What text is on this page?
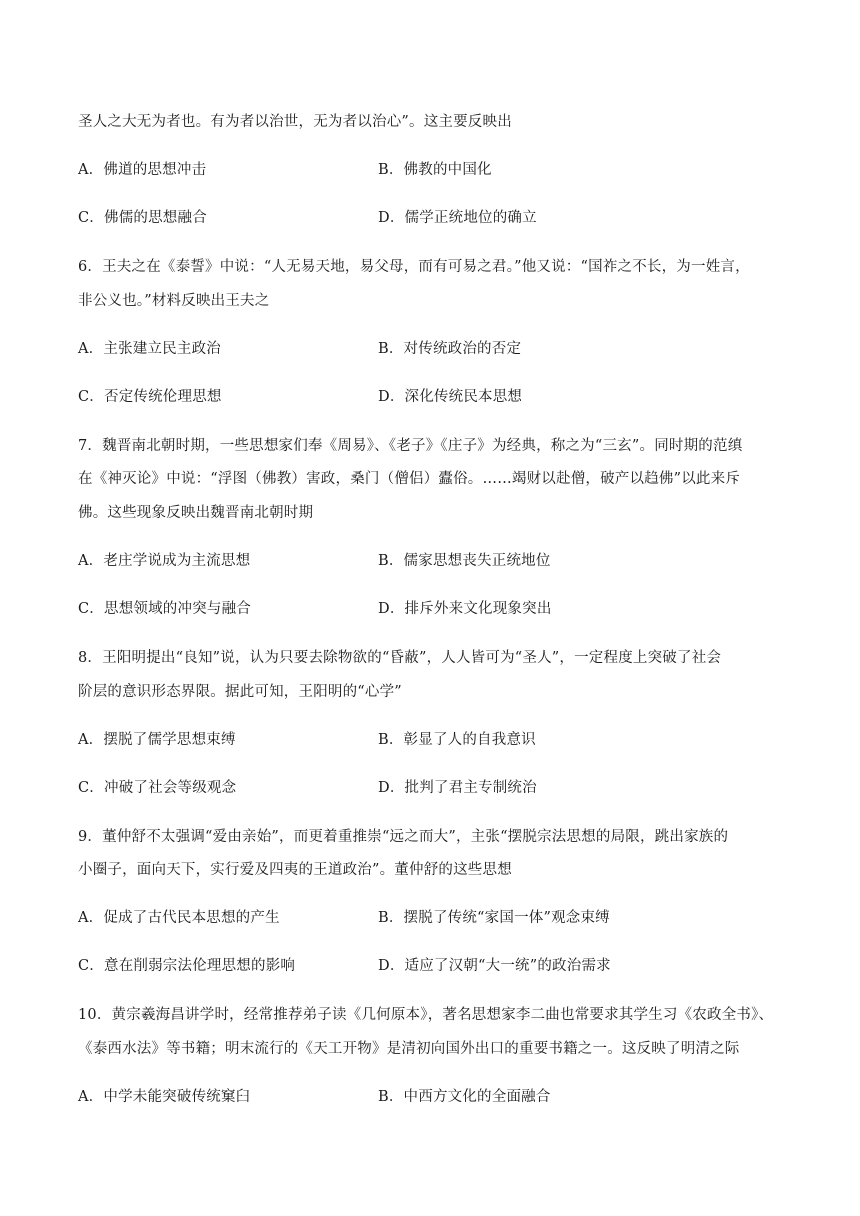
圣人之大无为者也。有为者以治世，无为者以治心”。这主要反映出
A．佛道的思想冲击	B．佛教的中国化
C．佛儒的思想融合	D．儒学正统地位的确立
6．王夫之在《泰誓》中说：“人无易天地，易父母，而有可易之君。”他又说：“国祚之不长，为一姓言，
非公义也。”材料反映出王夫之
A．主张建立民主政治	B．对传统政治的否定
C．否定传统伦理思想	D．深化传统民本思想
7．魏晋南北朝时期，一些思想家们奉《周易》、《老子》《庄子》为经典，称之为“三玄”。同时期的范缜
在《神灭论》中说：“浮图（佛教）害政，桑门（僧侣）蠹俗。……竭财以赴僧，破产以趋佛”以此来斥
佛。这些现象反映出魏晋南北朝时期
A．老庄学说成为主流思想	B．儒家思想丧失正统地位
C．思想领域的冲突与融合	D．排斥外来文化现象突出
8．王阳明提出“良知”说，认为只要去除物欲的“昏蔽”，人人皆可为“圣人”，一定程度上突破了社会
阶层的意识形态界限。据此可知，王阳明的“心学”
A．摆脱了儒学思想束缚	B．彰显了人的自我意识
C．冲破了社会等级观念	D．批判了君主专制统治
9．董仲舒不太强调“爱由亲始”，而更着重推崇“远之而大”，主张“摆脱宗法思想的局限，跳出家族的
小圈子，面向天下，实行爱及四夷的王道政治”。董仲舒的这些思想
A．促成了古代民本思想的产生	B．摆脱了传统“家国一体”观念束缚
C．意在削弱宗法伦理思想的影响	D．适应了汉朝“大一统”的政治需求
10．黄宗羲海昌讲学时，经常推荐弟子读《几何原本》，著名思想家李二曲也常要求其学生习《农政全书》、
《泰西水法》等书籍；明末流行的《天工开物》是清初向国外出口的重要书籍之一。这反映了明清之际
A．中学未能突破传统窠臼	B．中西方文化的全面融合
